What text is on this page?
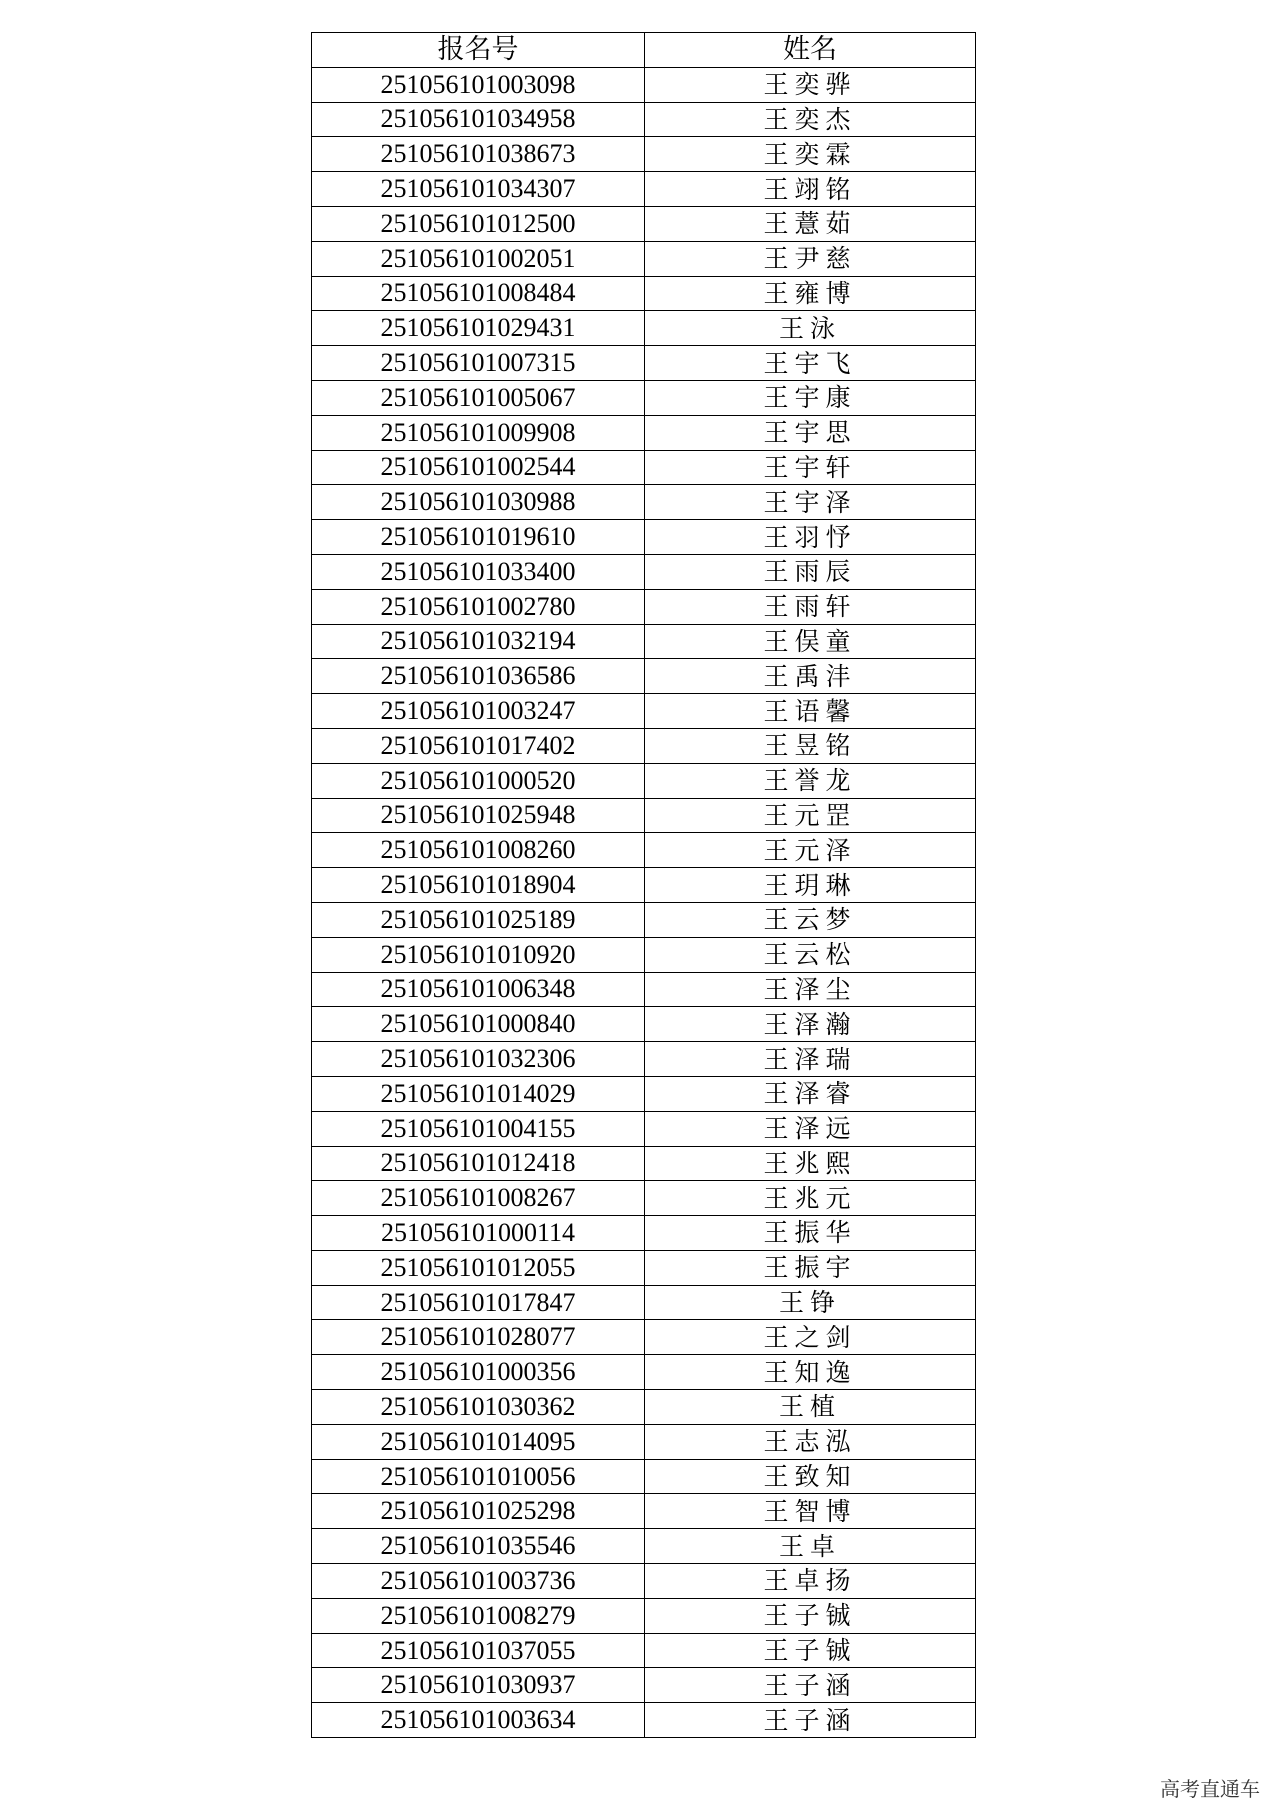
报名号	姓名
251056101003098	王奕骅
251056101034958	王奕杰
251056101038673	王奕霖
251056101034307	王翊铭
251056101012500	王薏茹
251056101002051	王尹慈
251056101008484	王雍博
251056101029431	王泳
251056101007315	王宇飞
251056101005067	王宇康
251056101009908	王宇思
251056101002544	王宇轩
251056101030988	王宇泽
251056101019610	王羽忬
251056101033400	王雨辰
251056101002780	王雨轩
251056101032194	王俣童
251056101036586	王禹沣
251056101003247	王语馨
251056101017402	王昱铭
251056101000520	王誉龙
251056101025948	王元罡
251056101008260	王元泽
251056101018904	王玥琳
251056101025189	王云梦
251056101010920	王云松
251056101006348	王泽尘
251056101000840	王泽瀚
251056101032306	王泽瑞
251056101014029	王泽睿
251056101004155	王泽远
251056101012418	王兆熙
251056101008267	王兆元
251056101000114	王振华
251056101012055	王振宇
251056101017847	王铮
251056101028077	王之剑
251056101000356	王知逸
251056101030362	王植
251056101014095	王志泓
251056101010056	王致知
251056101025298	王智博
251056101035546	王卓
251056101003736	王卓扬
251056101008279	王子铖
251056101037055	王子铖
251056101030937	王子涵
251056101003634	王子涵
高考直通车
